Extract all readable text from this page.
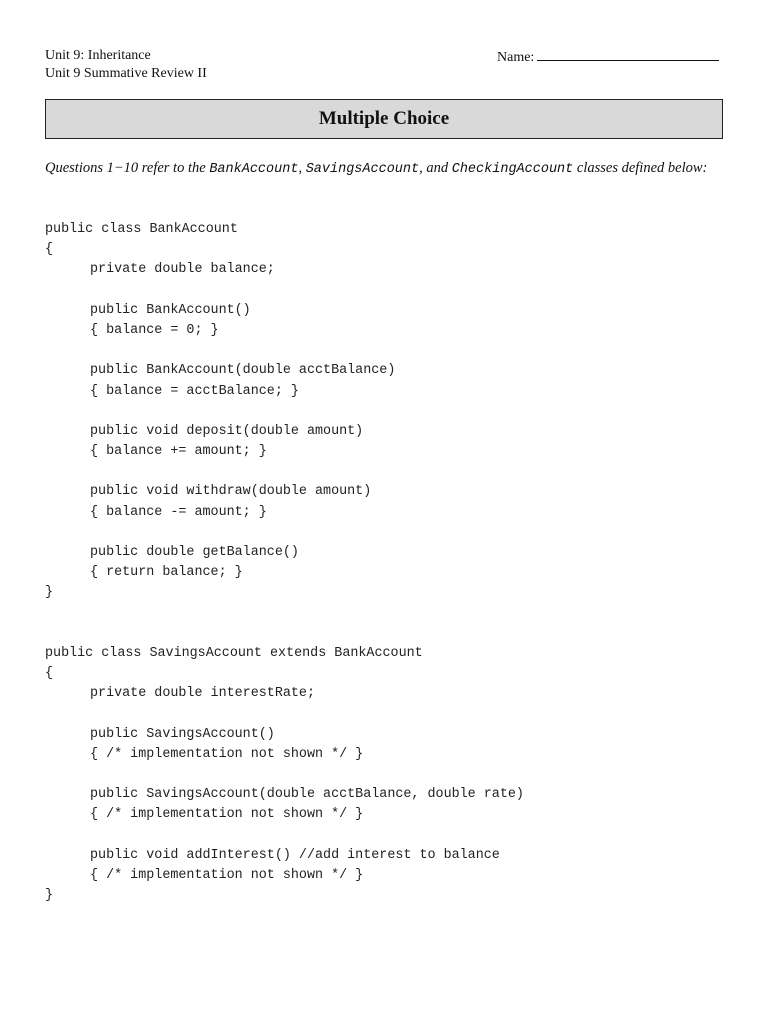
Unit 9: Inheritance
Unit 9 Summative Review II
Name:
Multiple Choice
Questions 1−10 refer to the BankAccount, SavingsAccount, and CheckingAccount classes defined below:
public class BankAccount
{
private double balance;
public BankAccount()
{ balance = 0; }
public BankAccount(double acctBalance)
{ balance = acctBalance; }
public void deposit(double amount)
{ balance += amount; }
public void withdraw(double amount)
{ balance -= amount; }
public double getBalance()
{ return balance; }
}
public class SavingsAccount extends BankAccount
{
private double interestRate;
public SavingsAccount()
{ /* implementation not shown */ }
public SavingsAccount(double acctBalance, double rate)
{ /* implementation not shown */ }
public void addInterest() //add interest to balance
{ /* implementation not shown */ }
}
